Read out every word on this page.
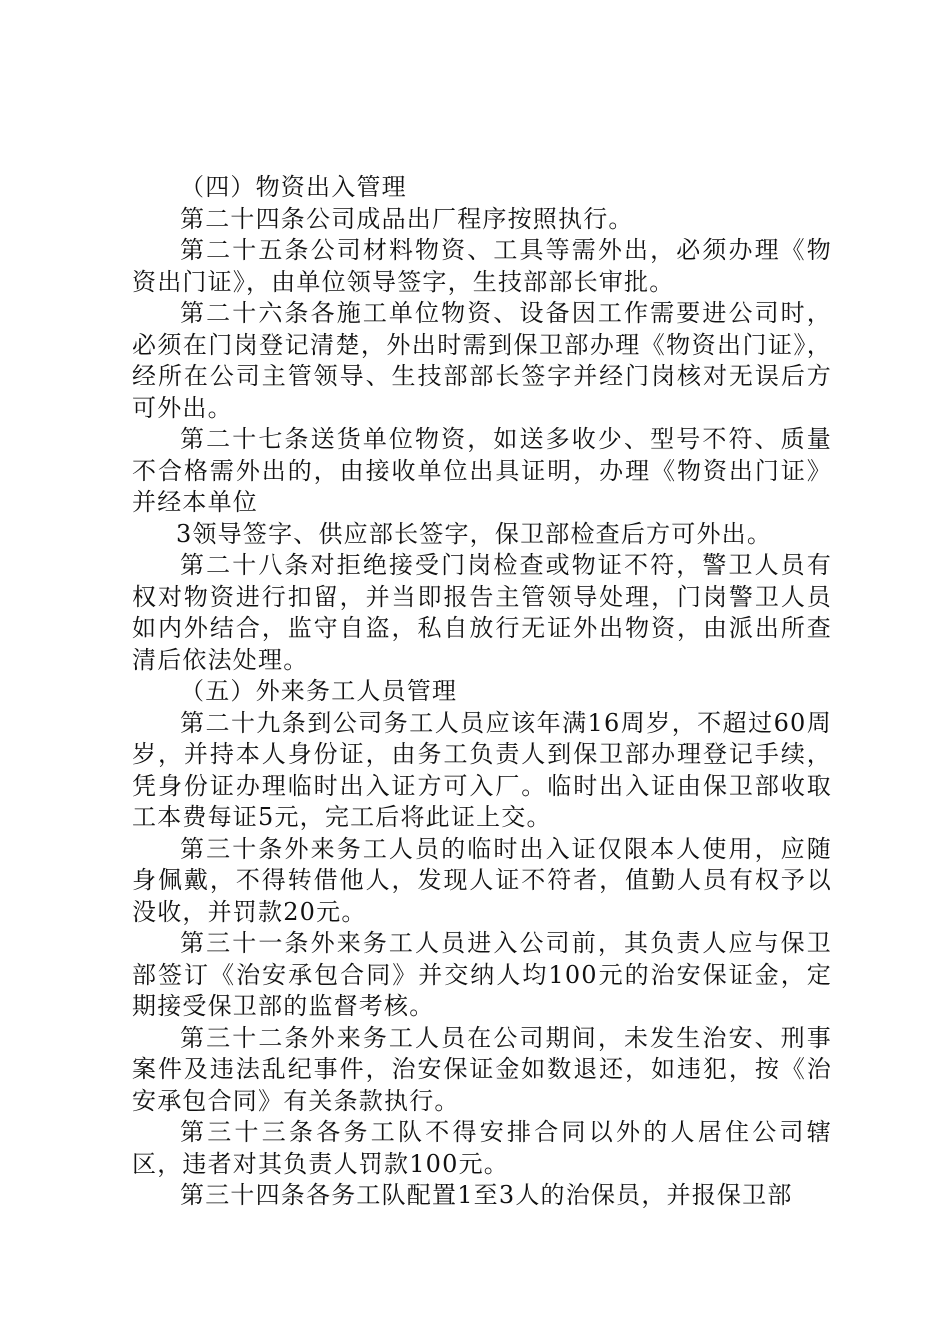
（四）物资出入管理

第二十四条公司成品出厂程序按照执行。

第二十五条公司材料物资、工具等需外出，必须办理《物资出门证》，由单位领导签字，生技部部长审批。

第二十六条各施工单位物资、设备因工作需要进公司时，必须在门岗登记清楚，外出时需到保卫部办理《物资出门证》，经所在公司主管领导、生技部部长签字并经门岗核对无误后方可外出。

第二十七条送货单位物资，如送多收少、型号不符、质量不合格需外出的，由接收单位出具证明，办理《物资出门证》并经本单位

3领导签字、供应部长签字，保卫部检查后方可外出。

第二十八条对拒绝接受门岗检查或物证不符，警卫人员有权对物资进行扣留，并当即报告主管领导处理，门岗警卫人员如内外结合，监守自盗，私自放行无证外出物资，由派出所查清后依法处理。

（五）外来务工人员管理

第二十九条到公司务工人员应该年满16周岁，不超过60周岁，并持本人身份证，由务工负责人到保卫部办理登记手续，凭身份证办理临时出入证方可入厂。临时出入证由保卫部收取工本费每证5元，完工后将此证上交。

第三十条外来务工人员的临时出入证仅限本人使用，应随身佩戴，不得转借他人，发现人证不符者，值勤人员有权予以没收，并罚款20元。

第三十一条外来务工人员进入公司前，其负责人应与保卫部签订《治安承包合同》并交纳人均100元的治安保证金，定期接受保卫部的监督考核。

第三十二条外来务工人员在公司期间，未发生治安、刑事案件及违法乱纪事件，治安保证金如数退还，如违犯，按《治安承包合同》有关条款执行。

第三十三条各务工队不得安排合同以外的人居住公司辖区，违者对其负责人罚款100元。

第三十四条各务工队配置1至3人的治保员，并报保卫部
